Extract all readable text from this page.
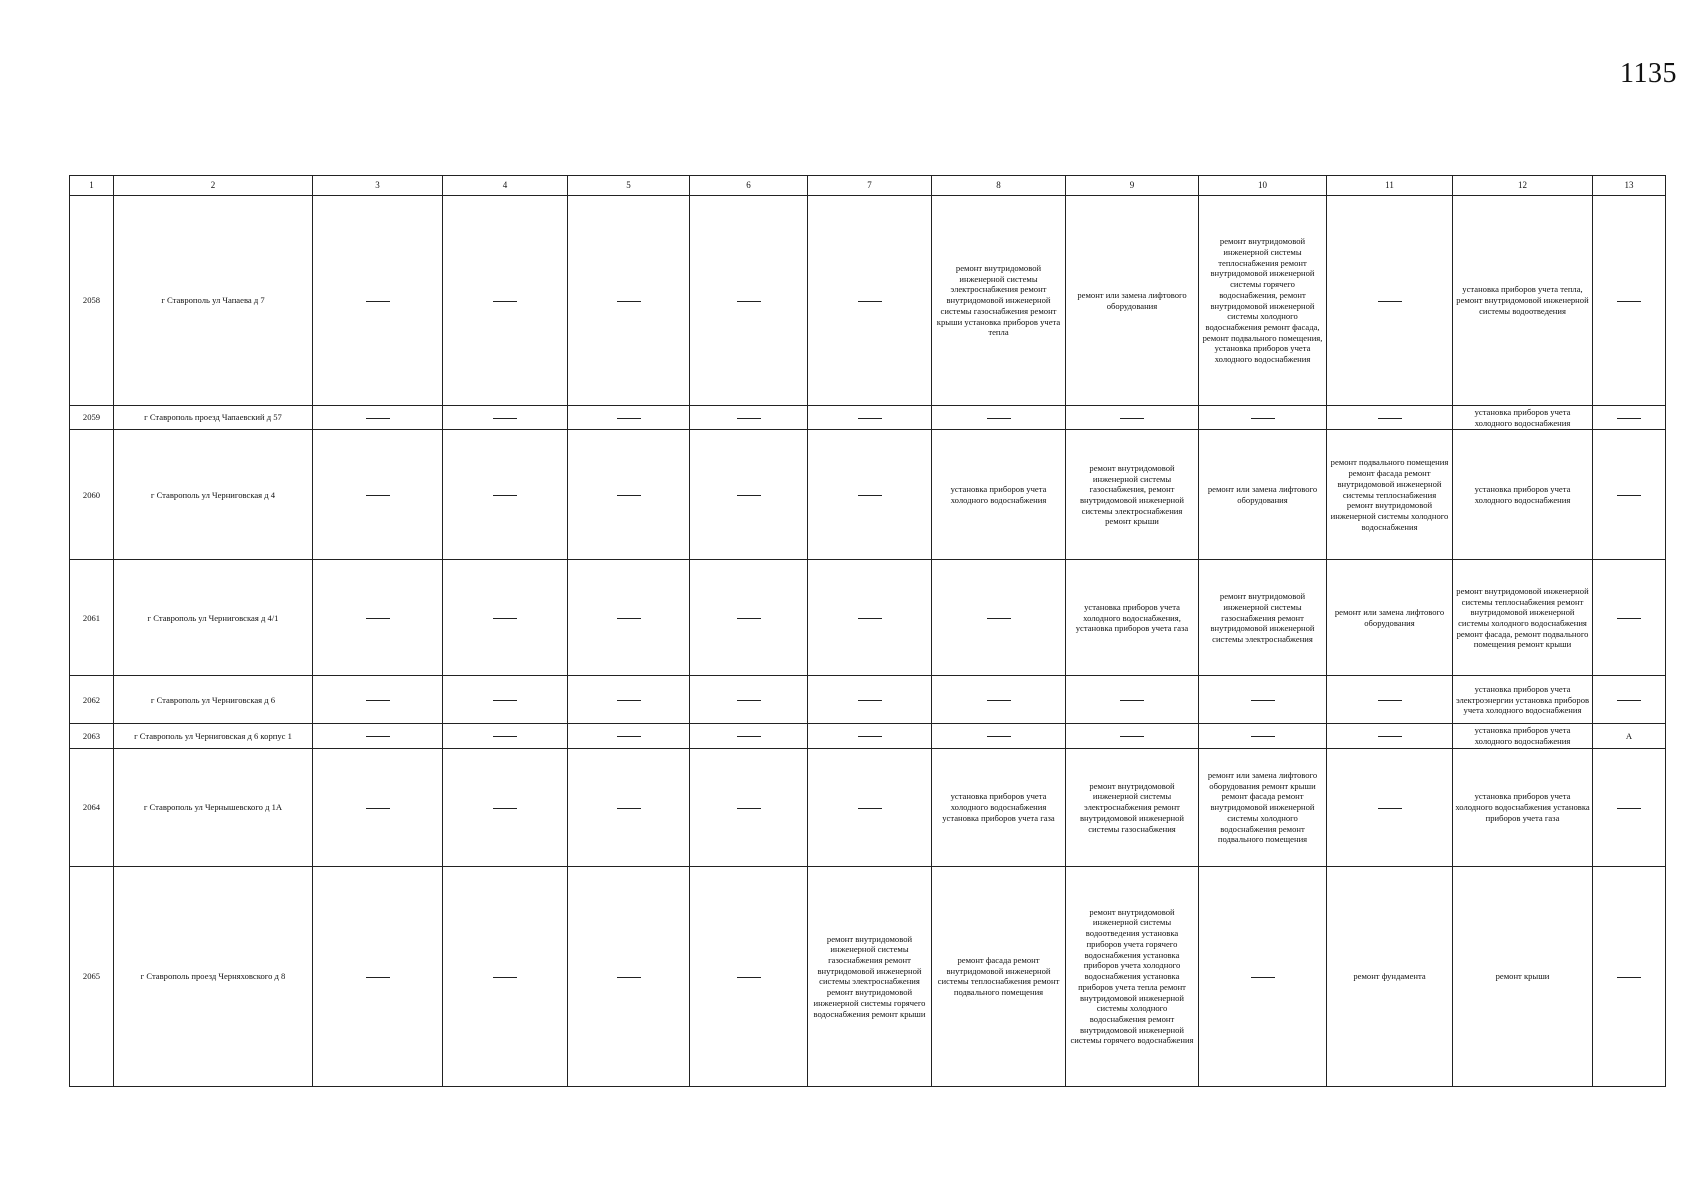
1135
1	2	3	4	5	6	7	8	9	10	11	12	13
2058	г Ставрополь ул Чапаева д 7						ремонт внутридомовой инженерной системы электроснабжения ремонт внутридомовой инженерной системы газоснабжения ремонт крыши установка приборов учета тепла	ремонт или замена лифтового оборудования	ремонт внутридомовой инженерной системы теплоснабжения ремонт внутридомовой инженерной системы горячего водоснабжения, ремонт внутридомовой инженерной системы холодного водоснабжения ремонт фасада, ремонт подвального помещения, установка приборов учета холодного водоснабжения		установка приборов учета тепла, ремонт внутридомовой инженерной системы водоотведения	
2059	г Ставрополь проезд Чапаевский д 57										установка приборов учета холодного водоснабжения	
2060	г Ставрополь ул Черниговская д 4						установка приборов учета холодного водоснабжения	ремонт внутридомовой инженерной системы газоснабжения, ремонт внутридомовой инженерной системы электроснабжения ремонт крыши	ремонт или замена лифтового оборудования	ремонт подвального помещения ремонт фасада ремонт внутридомовой инженерной системы теплоснабжения ремонт внутридомовой инженерной системы холодного водоснабжения	установка приборов учета холодного водоснабжения	
2061	г Ставрополь ул Черниговская д 4/1							установка приборов учета холодного водоснабжения, установка приборов учета газа	ремонт внутридомовой инженерной системы газоснабжения ремонт внутридомовой инженерной системы электроснабжения	ремонт или замена лифтового оборудования	ремонт внутридомовой инженерной системы теплоснабжения ремонт внутридомовой инженерной системы холодного водоснабжения ремонт фасада, ремонт подвального помещения ремонт крыши	
2062	г Ставрополь ул Черниговская д 6										установка приборов учета электроэнергии установка приборов учета холодного водоснабжения	
2063	г Ставрополь ул Черниговская д 6 корпус 1										установка приборов учета холодного водоснабжения	А
2064	г Ставрополь ул Чернышевского д 1А						установка приборов учета холодного водоснабжения установка приборов учета газа	ремонт внутридомовой инженерной системы электроснабжения ремонт внутридомовой инженерной системы газоснабжения	ремонт или замена лифтового оборудования ремонт крыши ремонт фасада ремонт внутридомовой инженерной системы холодного водоснабжения ремонт подвального помещения		установка приборов учета холодного водоснабжения установка приборов учета газа	
2065	г Ставрополь проезд Черняховского д 8					ремонт внутридомовой инженерной системы газоснабжения ремонт внутридомовой инженерной системы электроснабжения ремонт внутридомовой инженерной системы горячего водоснабжения ремонт крыши	ремонт фасада ремонт внутридомовой инженерной системы теплоснабжения ремонт подвального помещения	ремонт внутридомовой инженерной системы водоотведения установка приборов учета горячего водоснабжения установка приборов учета холодного водоснабжения установка приборов учета тепла ремонт внутридомовой инженерной системы холодного водоснабжения ремонт внутридомовой инженерной системы горячего водоснабжения		ремонт фундамента	ремонт крыши	
